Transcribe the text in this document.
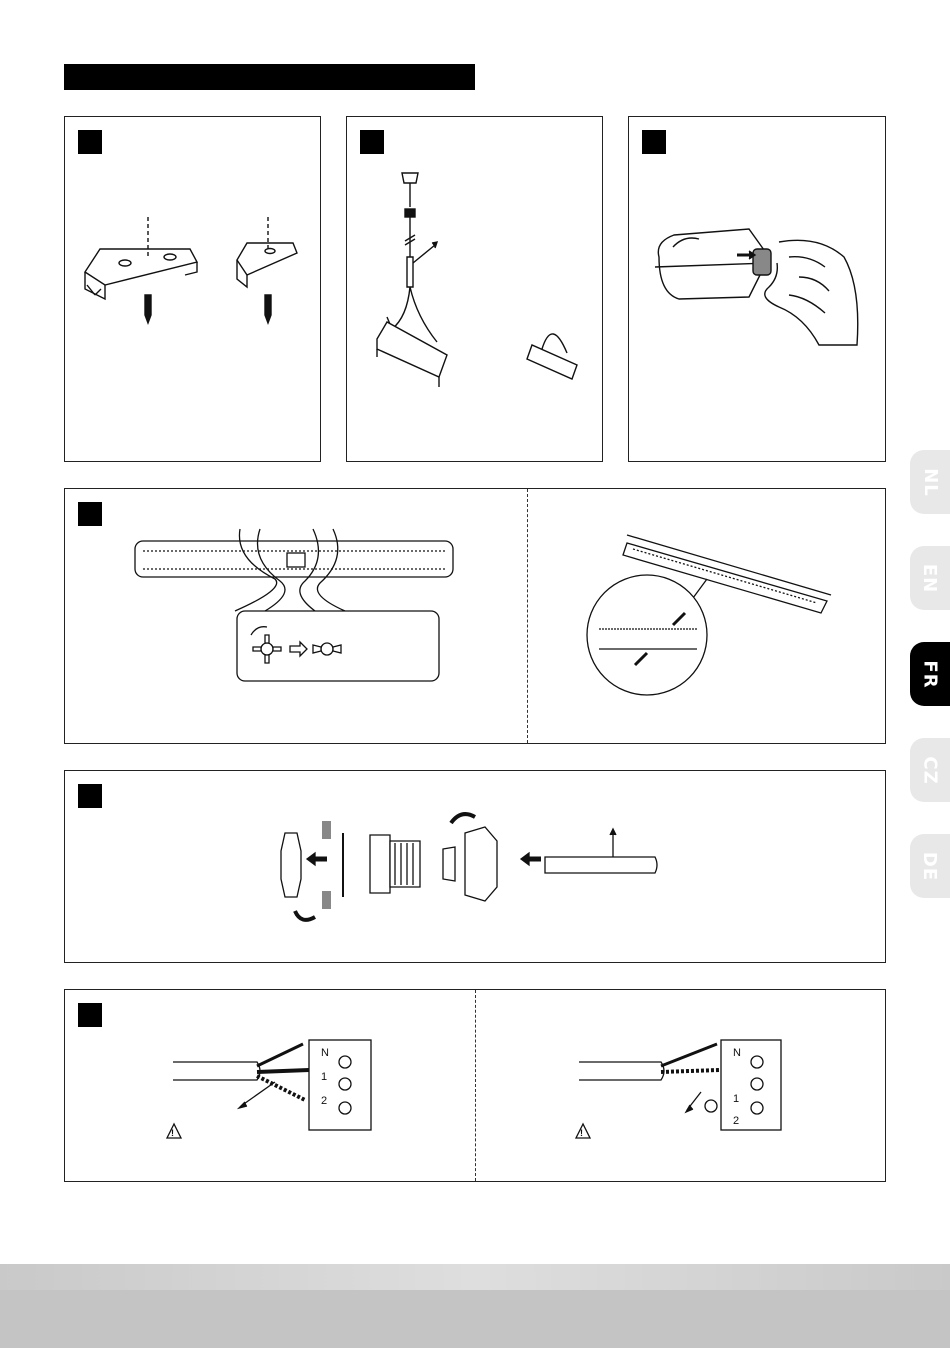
N
1
2
!
N
1
2
!
NL
EN
FR
CZ
DE
